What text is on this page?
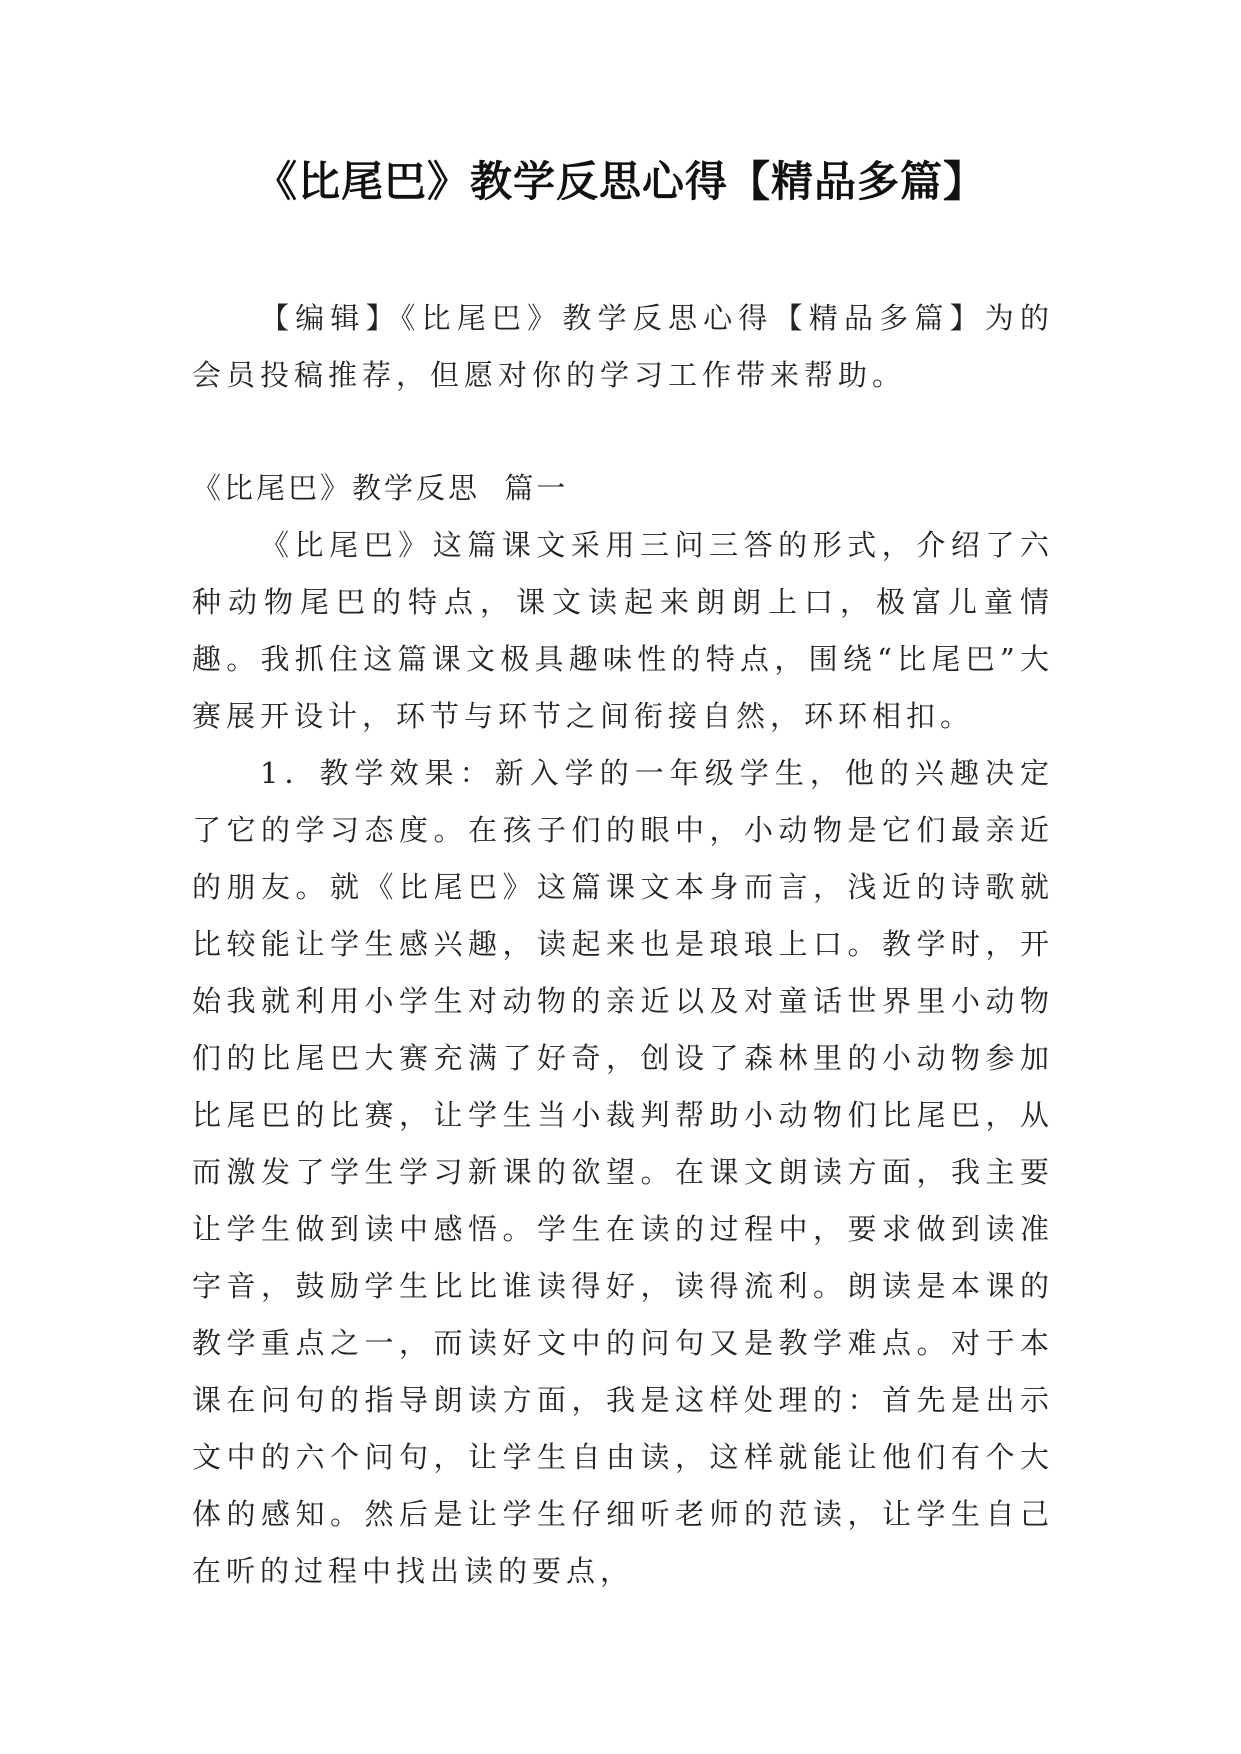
《比尾巴》教学反思心得【精品多篇】

【编辑】《比尾巴》教学反思心得【精品多篇】为的会员投稿推荐，但愿对你的学习工作带来帮助。

《比尾巴》教学反思  篇一

《比尾巴》这篇课文采用三问三答的形式，介绍了六种动物尾巴的特点，课文读起来朗朗上口，极富儿童情趣。我抓住这篇课文极具趣味性的特点，围绕“比尾巴”大赛展开设计，环节与环节之间衔接自然，环环相扣。

1．教学效果：新入学的一年级学生，他的兴趣决定了它的学习态度。在孩子们的眼中，小动物是它们最亲近的朋友。就《比尾巴》这篇课文本身而言，浅近的诗歌就比较能让学生感兴趣，读起来也是琅琅上口。教学时，开始我就利用小学生对动物的亲近以及对童话世界里小动物们的比尾巴大赛充满了好奇，创设了森林里的小动物参加比尾巴的比赛，让学生当小裁判帮助小动物们比尾巴，从而激发了学生学习新课的欲望。在课文朗读方面，我主要让学生做到读中感悟。学生在读的过程中，要求做到读准字音，鼓励学生比比谁读得好，读得流利。朗读是本课的教学重点之一，而读好文中的问句又是教学难点。对于本课在问句的指导朗读方面，我是这样处理的：首先是出示文中的六个问句，让学生自由读，这样就能让他们有个大体的感知。然后是让学生仔细听老师的范读，让学生自己在听的过程中找出读的要点，
